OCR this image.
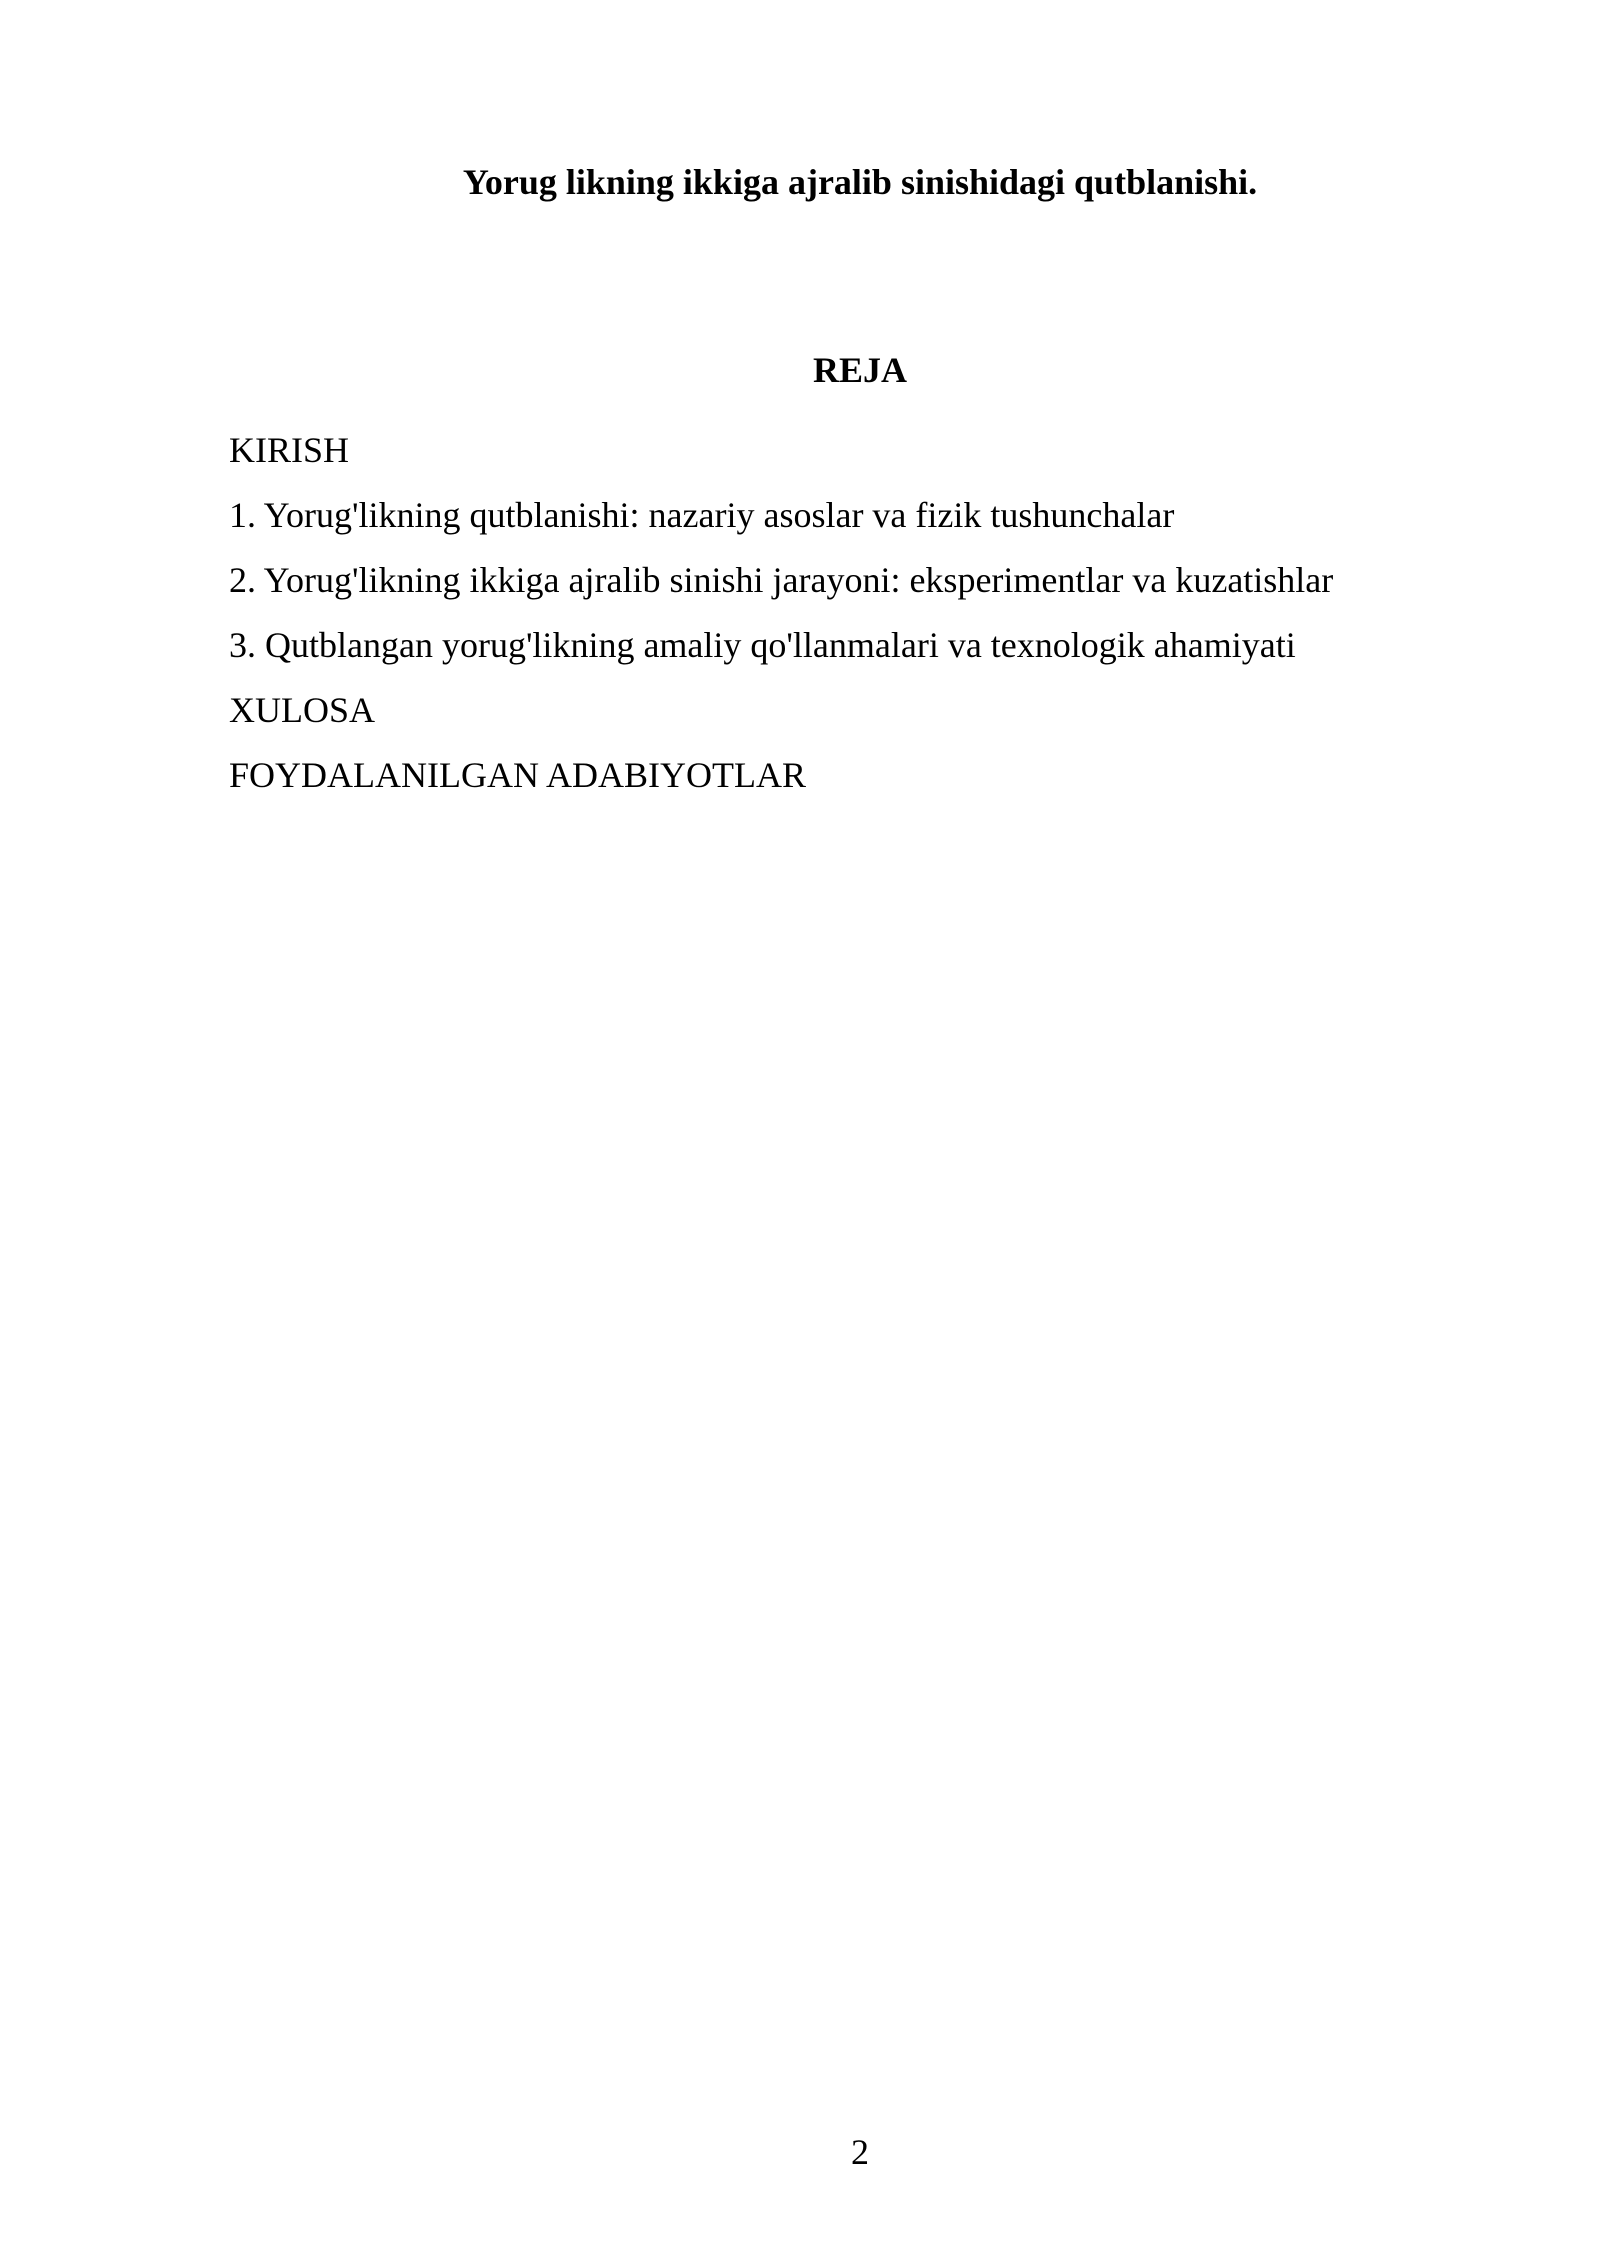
Yorug likning ikkiga ajralib sinishidagi qutblanishi.
REJA
KIRISH
1. Yorug'likning qutblanishi: nazariy asoslar va fizik tushunchalar
2. Yorug'likning ikkiga ajralib sinishi jarayoni: eksperimentlar va kuzatishlar
3. Qutblangan yorug'likning amaliy qo'llanmalari va texnologik ahamiyati
XULOSA
FOYDALANILGAN ADABIYOTLAR
2
